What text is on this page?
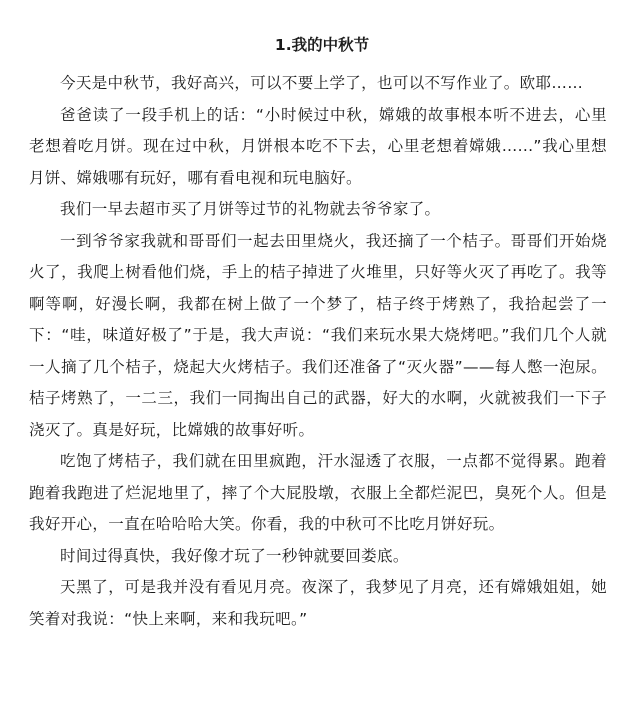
1.我的中秋节

今天是中秋节，我好高兴，可以不要上学了，也可以不写作业了。欧耶……

爸爸读了一段手机上的话：“小时候过中秋，嫦娥的故事根本听不进去，心里老想着吃月饼。现在过中秋，月饼根本吃不下去，心里老想着嫦娥…...”我心里想月饼、嫦娥哪有玩好，哪有看电视和玩电脑好。

我们一早去超市买了月饼等过节的礼物就去爷爷家了。

一到爷爷家我就和哥哥们一起去田里烧火，我还摘了一个桔子。哥哥们开始烧火了，我爬上树看他们烧，手上的桔子掉进了火堆里，只好等火灭了再吃了。我等啊等啊，好漫长啊，我都在树上做了一个梦了，桔子终于烤熟了，我拾起尝了一下：“哇，味道好极了”于是，我大声说：“我们来玩水果大烧烤吧。”我们几个人就一人摘了几个桔子，烧起大火烤桔子。我们还准备了“灭火器”——每人憋一泡尿。桔子烤熟了，一二三，我们一同掏出自己的武器，好大的水啊，火就被我们一下子浇灭了。真是好玩，比嫦娥的故事好听。

吃饱了烤桔子，我们就在田里疯跑，汗水湿透了衣服，一点都不觉得累。跑着跑着我跑进了烂泥地里了，摔了个大屁股墩，衣服上全都烂泥巴，臭死个人。但是我好开心，一直在哈哈哈大笑。你看，我的中秋可不比吃月饼好玩。

时间过得真快，我好像才玩了一秒钟就要回娄底。

天黑了，可是我并没有看见月亮。夜深了，我梦见了月亮，还有嫦娥姐姐，她笑着对我说：“快上来啊，来和我玩吧。”
